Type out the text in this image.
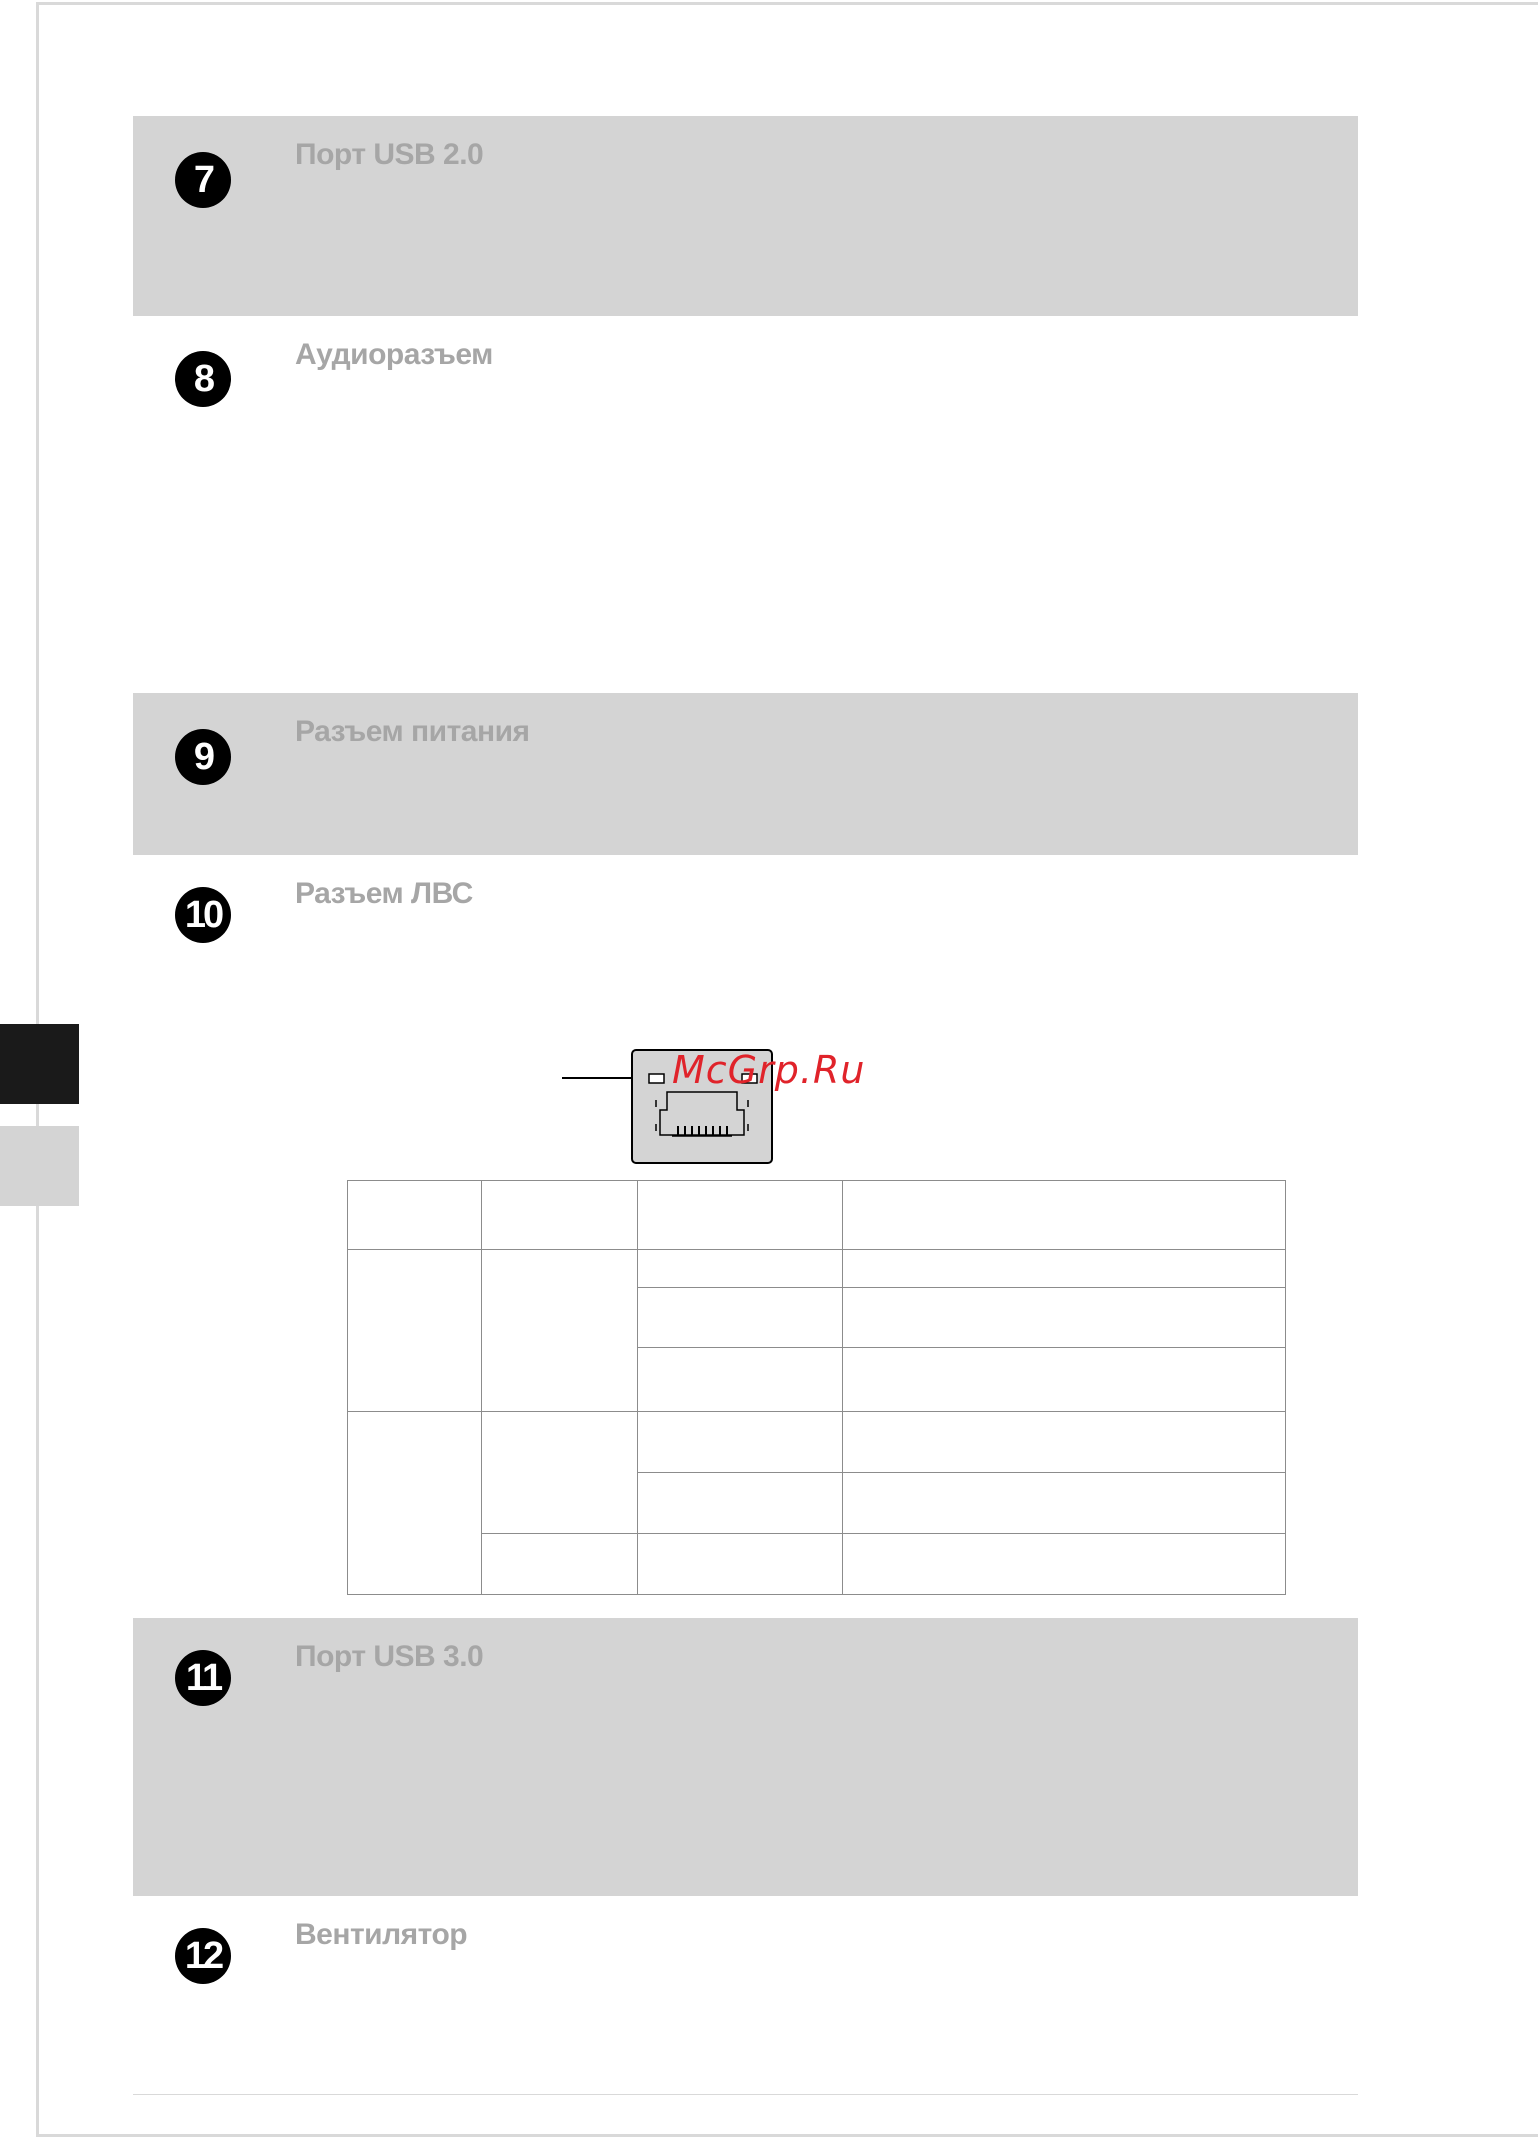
7
Порт USB 2.0
8
Аудиоразъем
9
Разъем питания
10	Разъем ЛВС
McGrp.Ru

11	Порт USB 3.0
12	Вентилятор
